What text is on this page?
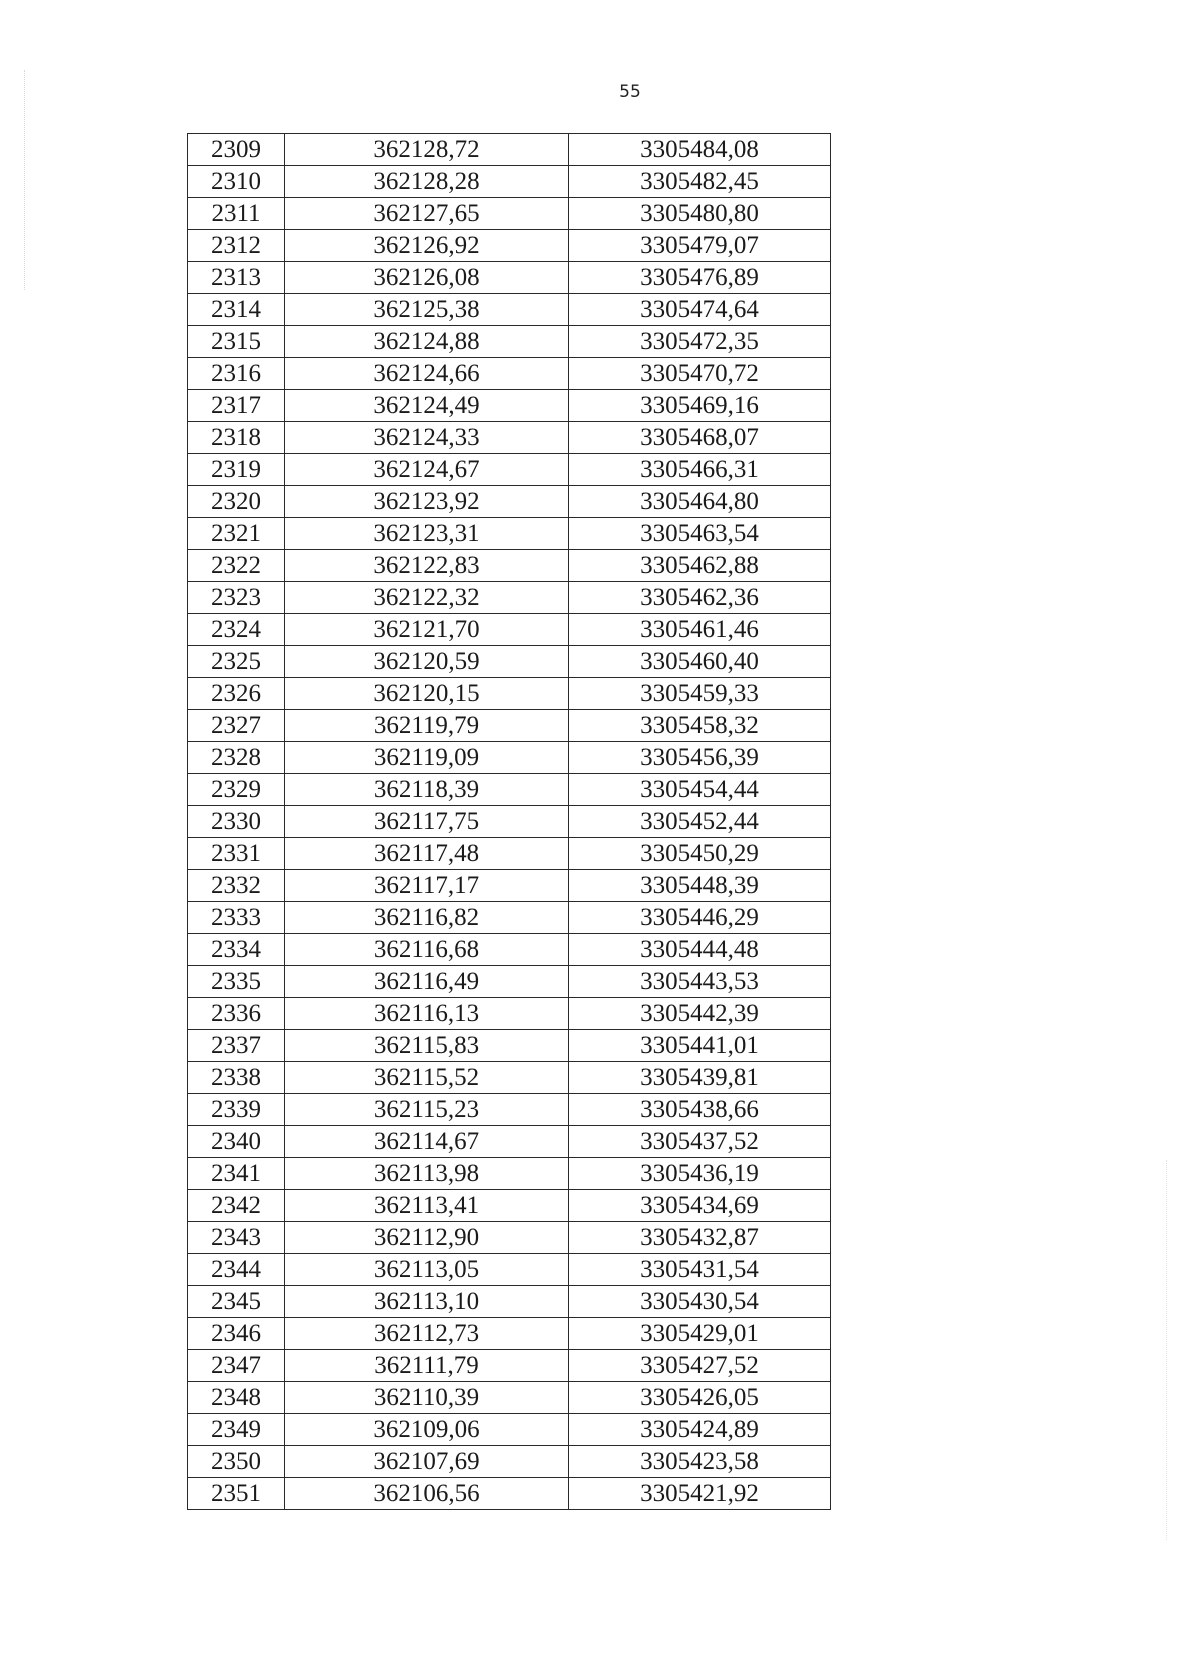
55
2309	362128,72	3305484,08
2310	362128,28	3305482,45
2311	362127,65	3305480,80
2312	362126,92	3305479,07
2313	362126,08	3305476,89
2314	362125,38	3305474,64
2315	362124,88	3305472,35
2316	362124,66	3305470,72
2317	362124,49	3305469,16
2318	362124,33	3305468,07
2319	362124,67	3305466,31
2320	362123,92	3305464,80
2321	362123,31	3305463,54
2322	362122,83	3305462,88
2323	362122,32	3305462,36
2324	362121,70	3305461,46
2325	362120,59	3305460,40
2326	362120,15	3305459,33
2327	362119,79	3305458,32
2328	362119,09	3305456,39
2329	362118,39	3305454,44
2330	362117,75	3305452,44
2331	362117,48	3305450,29
2332	362117,17	3305448,39
2333	362116,82	3305446,29
2334	362116,68	3305444,48
2335	362116,49	3305443,53
2336	362116,13	3305442,39
2337	362115,83	3305441,01
2338	362115,52	3305439,81
2339	362115,23	3305438,66
2340	362114,67	3305437,52
2341	362113,98	3305436,19
2342	362113,41	3305434,69
2343	362112,90	3305432,87
2344	362113,05	3305431,54
2345	362113,10	3305430,54
2346	362112,73	3305429,01
2347	362111,79	3305427,52
2348	362110,39	3305426,05
2349	362109,06	3305424,89
2350	362107,69	3305423,58
2351	362106,56	3305421,92
